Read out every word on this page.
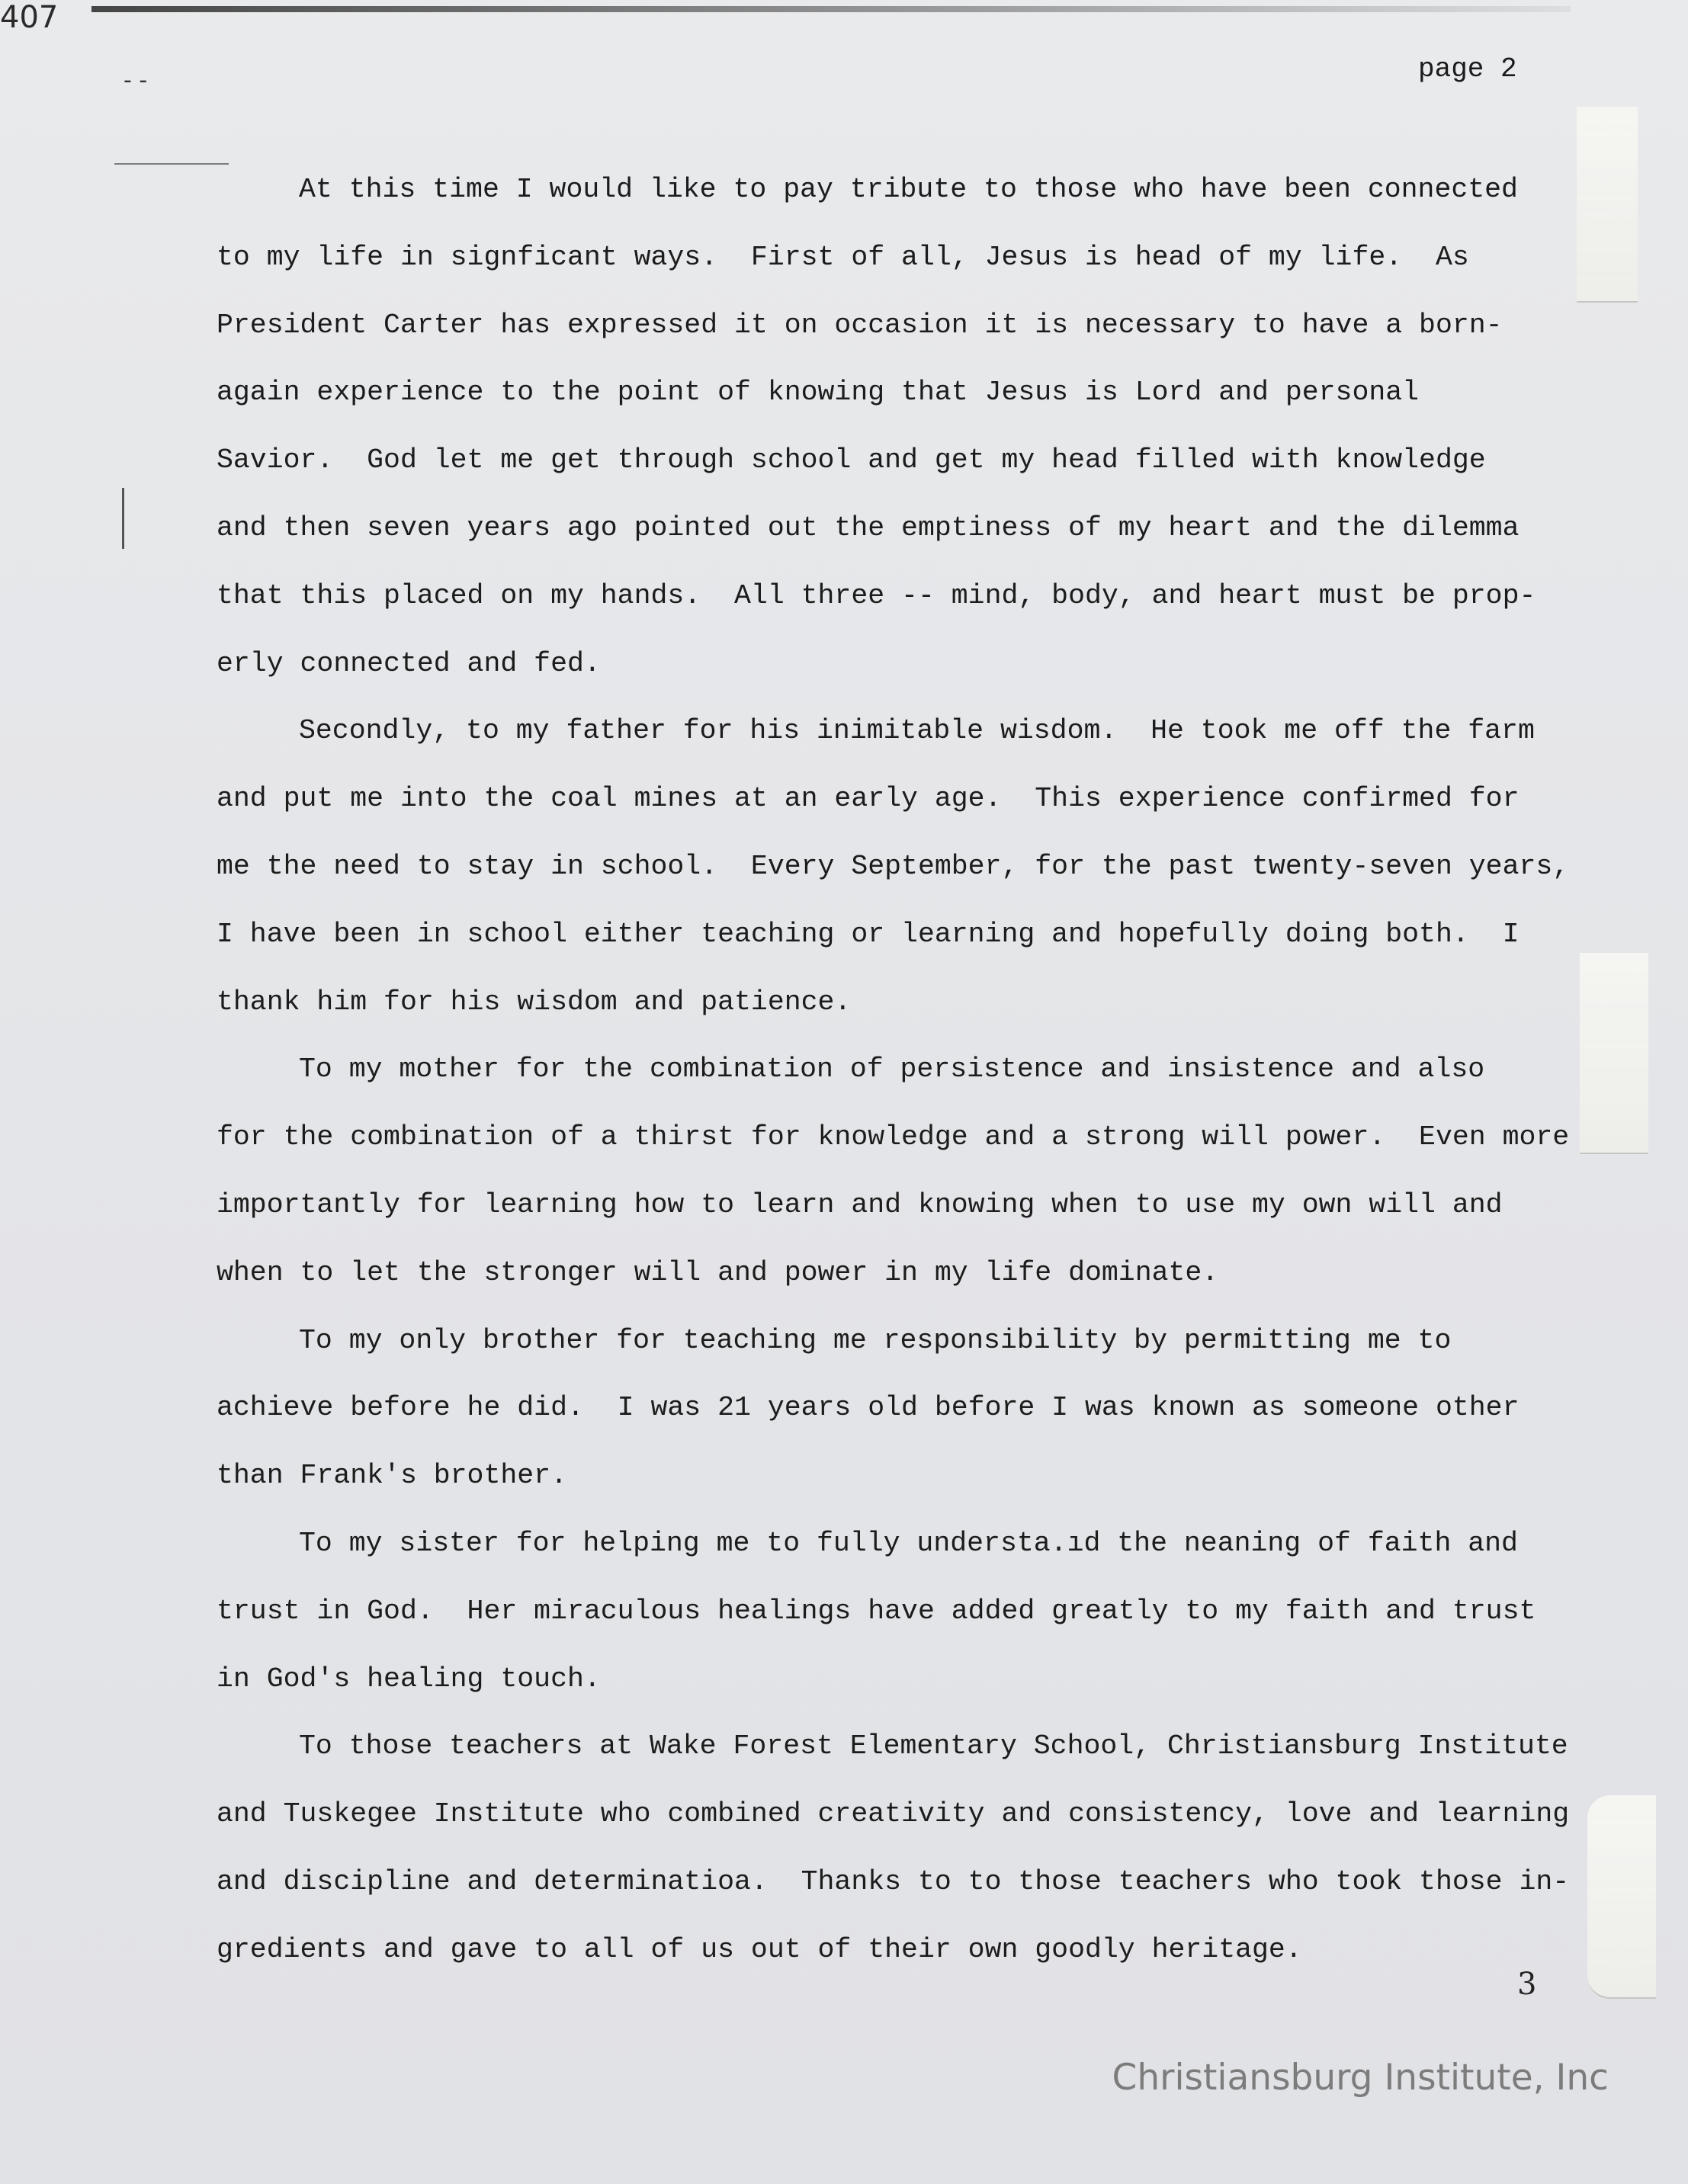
- -	page 2
407
At this time I would like to pay tribute to those who have been connected
to my life in signficant ways.  First of all, Jesus is head of my life.  As
President Carter has expressed it on occasion it is necessary to have a born-
again experience to the point of knowing that Jesus is Lord and personal
Savior.  God let me get through school and get my head filled with knowledge
and then seven years ago pointed out the emptiness of my heart and the dilemma
that this placed on my hands.  All three -- mind, body, and heart must be prop-
erly connected and fed.
Secondly, to my father for his inimitable wisdom.  He took me off the farm
and put me into the coal mines at an early age.  This experience confirmed for
me the need to stay in school.  Every September, for the past twenty-seven years,
I have been in school either teaching or learning and hopefully doing both.  I
thank him for his wisdom and patience.
To my mother for the combination of persistence and insistence and also
for the combination of a thirst for knowledge and a strong will power.  Even more
importantly for learning how to learn and knowing when to use my own will and
when to let the stronger will and power in my life dominate.
To my only brother for teaching me responsibility by permitting me to
achieve before he did.  I was 21 years old before I was known as someone other
than Frank's brother.
To my sister for helping me to fully understa.ıd the neaning of faith and
trust in God.  Her miraculous healings have added greatly to my faith and trust
in God's healing touch.
To those teachers at Wake Forest Elementary School, Christiansburg Institute
and Tuskegee Institute who combined creativity and consistency, love and learning
and discipline and determinatioa.  Thanks to to those teachers who took those in-
gredients and gave to all of us out of their own goodly heritage.
3
Christiansburg Institute, Inc
